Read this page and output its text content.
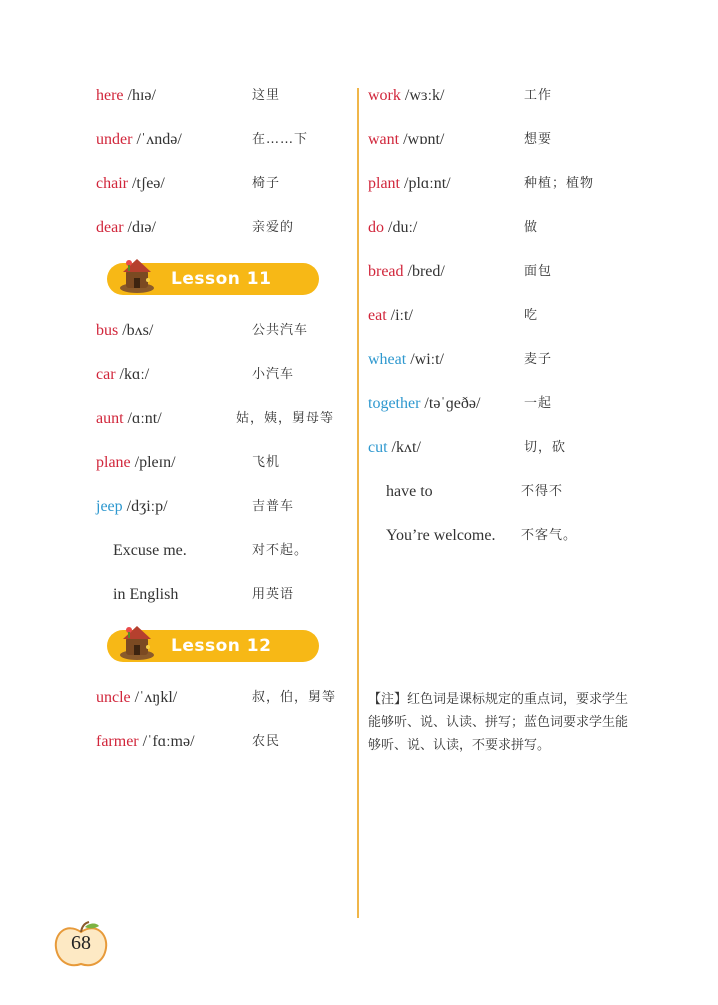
here /hɪə/	这里
under /ˈʌndə/	在……下
chair /tʃeə/	椅子
dear /dɪə/	亲爱的
Lesson 11
bus /bʌs/	公共汽车
car /kɑː/	小汽车
aunt /ɑːnt/	姑，姨，舅母等
plane /pleɪn/	飞机
jeep /dʒiːp/	吉普车
Excuse me.	对不起。
in English	用英语
Lesson 12
uncle /ˈʌŋkl/	叔，伯，舅等
farmer /ˈfɑːmə/	农民
work /wɜːk/	工作
want /wɒnt/	想要
plant /plɑːnt/	种植；植物
do /duː/	做
bread /bred/	面包
eat /iːt/	吃
wheat /wiːt/	麦子
together /təˈɡeðə/	一起
cut /kʌt/	切，砍
have to	不得不
You’re welcome. 不客气。
【注】红色词是课标规定的重点词，要求学生能够听、说、认读、拼写；蓝色词要求学生能够听、说、认读，不要求拼写。
68
